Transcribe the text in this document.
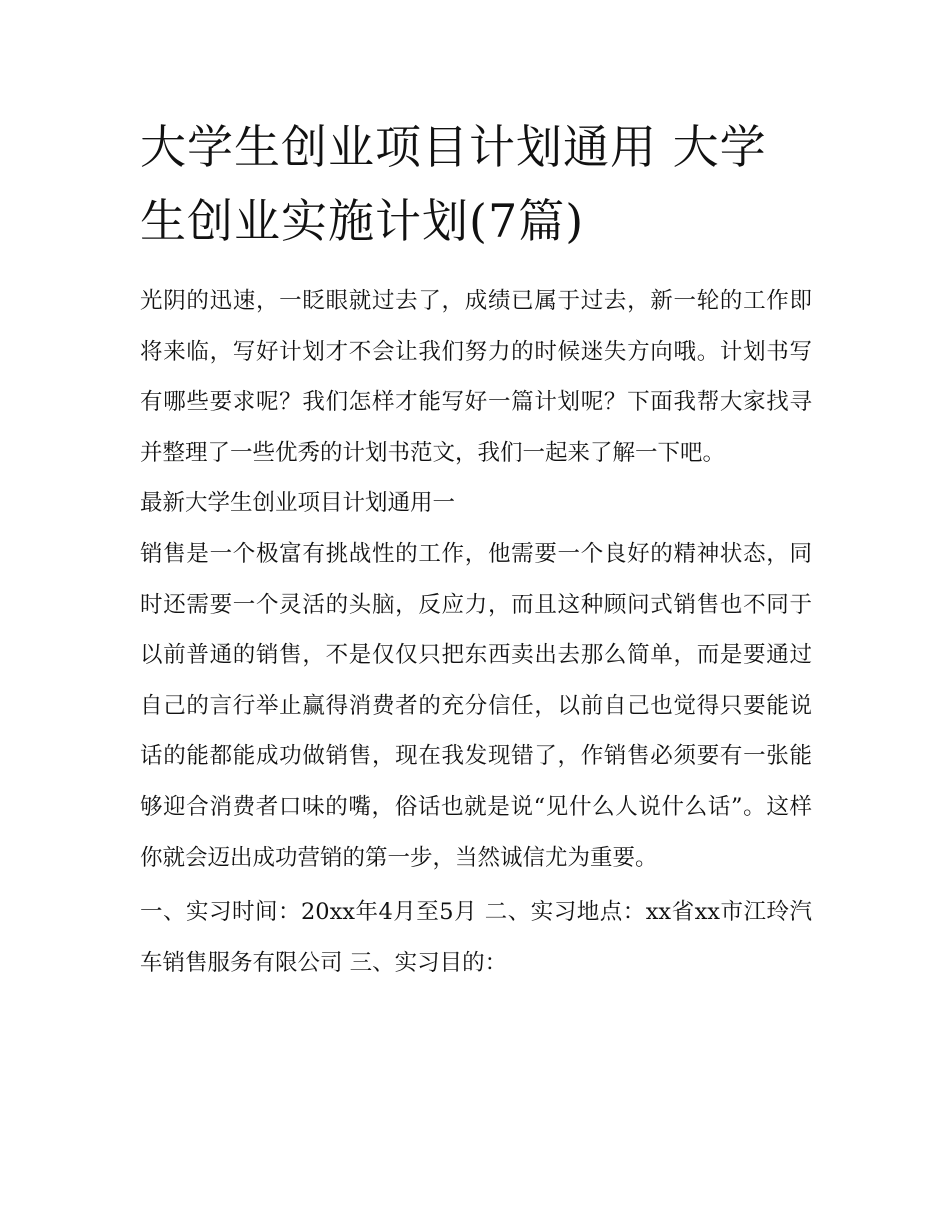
大学生创业项目计划通用 大学生创业实施计划(7篇)

光阴的迅速，一眨眼就过去了，成绩已属于过去，新一轮的工作即将来临，写好计划才不会让我们努力的时候迷失方向哦。计划书写有哪些要求呢？我们怎样才能写好一篇计划呢？下面我帮大家找寻并整理了一些优秀的计划书范文，我们一起来了解一下吧。

最新大学生创业项目计划通用一

销售是一个极富有挑战性的工作，他需要一个良好的精神状态，同时还需要一个灵活的头脑，反应力，而且这种顾问式销售也不同于以前普通的销售，不是仅仅只把东西卖出去那么简单，而是要通过自己的言行举止赢得消费者的充分信任，以前自己也觉得只要能说话的能都能成功做销售，现在我发现错了，作销售必须要有一张能够迎合消费者口味的嘴，俗话也就是说“见什么人说什么话”。这样你就会迈出成功营销的第一步，当然诚信尤为重要。

一、实习时间：20xx年4月至5月 二、实习地点：xx省xx市江玲汽车销售服务有限公司 三、实习目的：
